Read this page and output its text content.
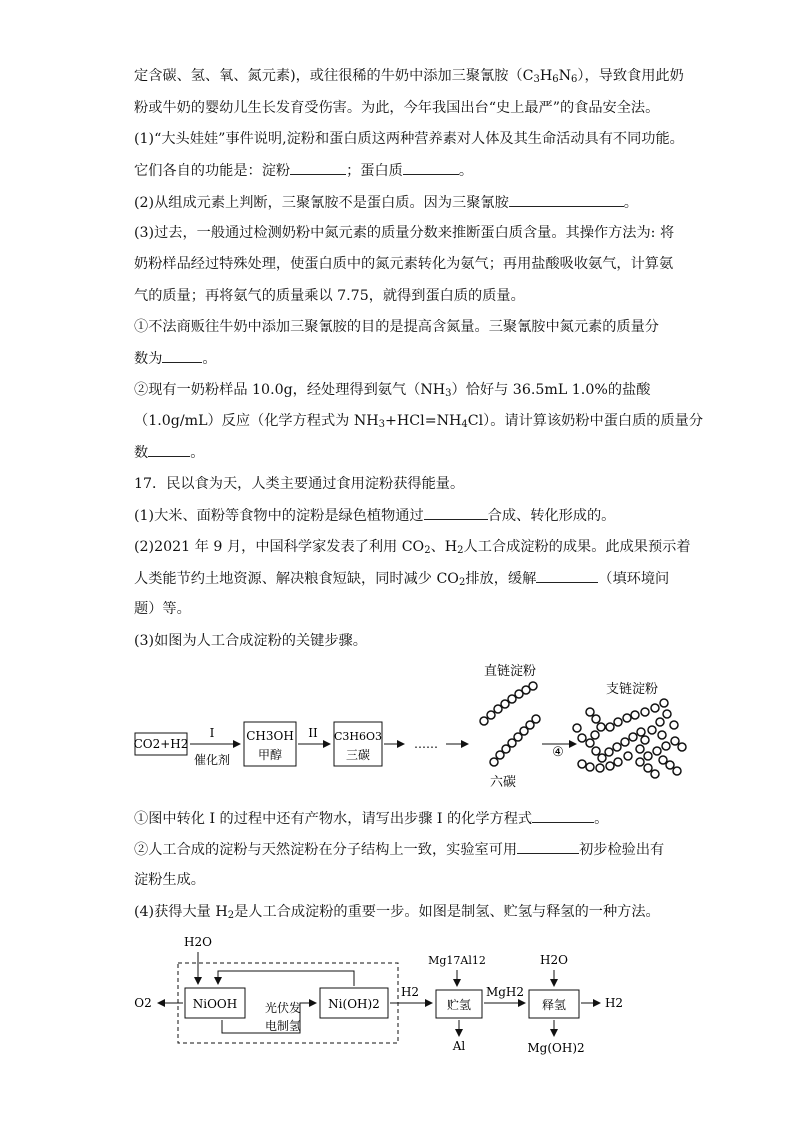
定含碳、氢、氧、氮元素)，或往很稀的牛奶中添加三聚氰胺$(C_3H_6N_6)$，导致食用此奶
粉或牛奶的婴幼儿生长发育受伤害。为此，今年我国出台“史上最严”的食品安全法。
(1)“大头娃娃”事件说明,淀粉和蛋白质这两种营养素对人体及其生命活动具有不同功能。
它们各自的功能是：淀粉	；蛋白质	。
(2)从组成元素上判断，三聚氰胺不是蛋白质。因为三聚氰胺	。
(3)过去，一般通过检测奶粉中氮元素的质量分数来推断蛋白质含量。其操作方法为: 将
奶粉样品经过特殊处理，使蛋白质中的氮元素转化为氨气；再用盐酸吸收氨气，计算氨
气的质量；再将氨气的质量乘以 7.75，就得到蛋白质的质量。
①不法商贩往牛奶中添加三聚氰胺的目的是提高含氮量。三聚氰胺中氮元素的质量分
数为	。
②现有一奶粉样品 10.0g，经处理得到氨气$(NH_3)$恰好与 36.5mL 1.0%的盐酸
（1.0g/mL）反应（化学方程式为 $NH_3+HCl=NH_4Cl$）。请计算该奶粉中蛋白质的质量分
数	。
17．民以食为天，人类主要通过食用淀粉获得能量。
(1)大米、面粉等食物中的淀粉是绿色植物通过	合成、转化形成的。
(2)2021 年 9 月，中国科学家发表了利用 $CO_2$、$H_2$人工合成淀粉的成果。此成果预示着
人类能节约土地资源、解决粮食短缺，同时减少 $CO_2$排放，缓解	（填环境问
题）等。
(3)如图为人工合成淀粉的关键步骤。
①图中转化 I 的过程中还有产物水，请写出步骤 I 的化学方程式	。
②人工合成的淀粉与天然淀粉在分子结构上一致，实验室可用	初步检验出有
淀粉生成。
(4)获得大量 $H_2$是人工合成淀粉的重要一步。如图是制氢、贮氢与释氢的一种方法。
CO2+H2
I
催化剂
CH3OH
甲醇
II C3H6O3
三碳
……
直链淀粉
六碳
④
支链淀粉
H2O
NiOOH
O2	Ni(OH)2
光伏发
电制氢
H2
Mg17Al12
贮氢
Al
MgH2
H2O
释氢
Mg(OH)2
H2
